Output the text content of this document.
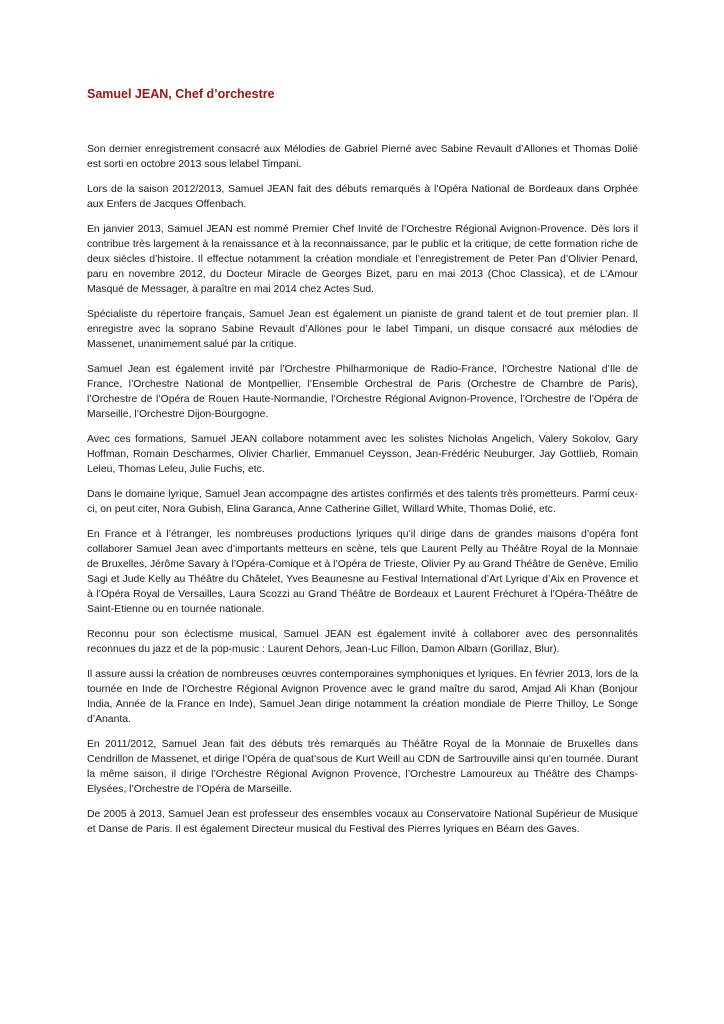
Samuel JEAN, Chef d’orchestre

Son dernier enregistrement consacré aux Mélodies de Gabriel Pierné avec Sabine Revault d’Allones et Thomas Dolié est sorti en octobre 2013 sous lelabel Timpani.

Lors de la saison 2012/2013, Samuel JEAN fait des débuts remarqués à l’Opéra National de Bordeaux dans Orphée aux Enfers de Jacques Offenbach.

En janvier 2013, Samuel JEAN est nommé Premier Chef Invité de l’Orchestre Régional Avignon-Provence. Dès lors il contribue très largement à la renaissance et à la reconnaissance, par le public et la critique, de cette formation riche de deux siècles d’histoire. Il effectue notamment la création mondiale et l’enregistrement de Peter Pan d’Olivier Penard, paru en novembre 2012, du Docteur Miracle de Georges Bizet, paru en mai 2013 (Choc Classica), et de L’Amour Masqué de Messager, à paraître en mai 2014 chez Actes Sud.

Spécialiste du répertoire français, Samuel Jean est également un pianiste de grand talent et de tout premier plan. Il enregistre avec la soprano Sabine Revault d’Allones pour le label Timpani, un disque consacré aux mélodies de Massenet, unanimement salué par la critique.

Samuel Jean est également invité par l’Orchestre Philharmonique de Radio-France, l’Orchestre National d’Ile de France, l’Orchestre National de Montpellier, l’Ensemble Orchestral de Paris (Orchestre de Chambre de Paris), l’Orchestre de l’Opéra de Rouen Haute-Normandie, l’Orchestre Régional Avignon-Provence, l’Orchestre de l’Opéra de Marseille, l’Orchestre Dijon-Bourgogne.

Avec ces formations, Samuel JEAN collabore notamment avec les solistes Nicholas Angelich, Valery Sokolov, Gary Hoffman, Romain Descharmes, Olivier Charlier, Emmanuel Ceysson, Jean-Frédéric Neuburger, Jay Gottlieb, Romain Leleu, Thomas Leleu, Julie Fuchs, etc.

Dans le domaine lyrique, Samuel Jean accompagne des artistes confirmés et des talents très prometteurs. Parmi ceux-ci, on peut citer, Nora Gubish, Elina Garanca, Anne Catherine Gillet, Willard White, Thomas Dolié, etc.

En France et à l’étranger, les nombreuses productions lyriques qu’il dirige dans de grandes maisons d’opéra font collaborer Samuel Jean avec d’importants metteurs en scène, tels que Laurent Pelly au Théâtre Royal de la Monnaie de Bruxelles, Jérôme Savary à l’Opéra-Comique et à l’Opéra de Trieste, Olivier Py au Grand Théâtre de Genève, Emilio Sagi et Jude Kelly au Théâtre du Châtelet, Yves Beaunesne au Festival International d’Art Lyrique d’Aix en Provence et à l’Opéra Royal de Versailles, Laura Scozzi au Grand Théâtre de Bordeaux et Laurent Fréchuret à l’Opéra-Théâtre de Saint-Etienne ou en tournée nationale.

Reconnu pour son éclectisme musical, Samuel JEAN est également invité à collaborer avec des personnalités reconnues du jazz et de la pop-music : Laurent Dehors, Jean-Luc Fillon, Damon Albarn (Gorillaz, Blur).

Il assure aussi la création de nombreuses œuvres contemporaines symphoniques et lyriques. En février 2013, lors de la tournée en Inde de l’Orchestre Régional Avignon Provence avec le grand maître du sarod, Amjad Ali Khan (Bonjour India, Année de la France en Inde), Samuel Jean dirige notamment la création mondiale de Pierre Thilloy, Le Songe d’Ananta.

En 2011/2012, Samuel Jean fait des débuts très remarqués au Théâtre Royal de la Monnaie de Bruxelles dans Cendrillon de Massenet, et dirige l’Opéra de quat’sous de Kurt Weill au CDN de Sartrouville ainsi qu’en tournée. Durant la même saison, il dirige l’Orchestre Régional Avignon Provence, l’Orchestre Lamoureux au Théâtre des Champs-Elysées, l’Orchestre de l’Opéra de Marseille.

De 2005 à 2013, Samuel Jean est professeur des ensembles vocaux au Conservatoire National Supérieur de Musique et Danse de Paris. Il est également Directeur musical du Festival des Pierres lyriques en Béarn des Gaves.
